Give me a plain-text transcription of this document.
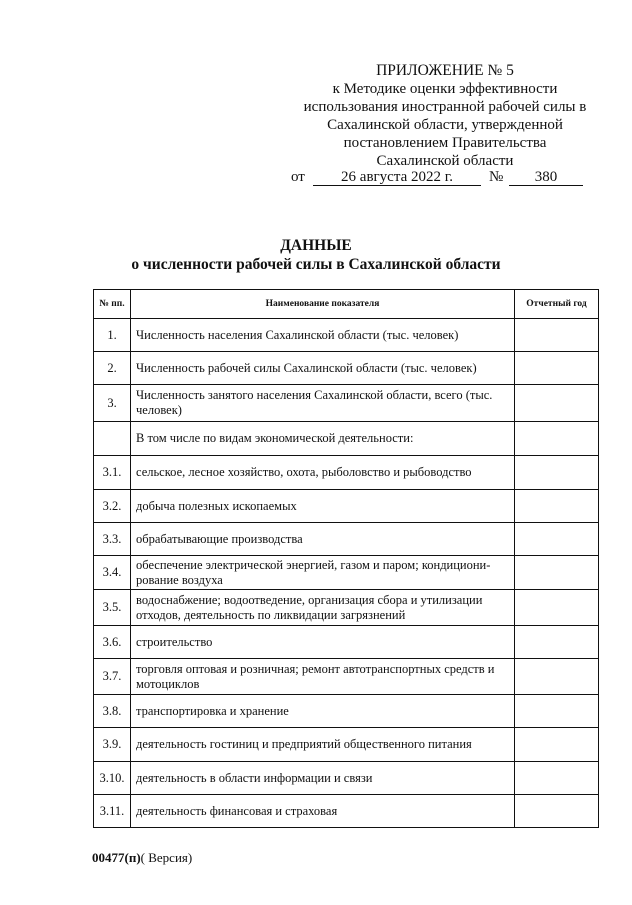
ПРИЛОЖЕНИЕ № 5
к Методике оценки эффективности
использования иностранной рабочей силы в
Сахалинской области, утвержденной
постановлением Правительства
Сахалинской области
от	26 августа 2022 г.	№	380
ДАННЫЕ
о численности рабочей силы в Сахалинской области
№ пп.	Наименование показателя	Отчетный год
1.	Численность населения Сахалинской области (тыс. человек)	
2.	Численность рабочей силы Сахалинской области (тыс. человек)	
3.	Численность занятого населения Сахалинской области, всего (тыс. человек)	
	В том числе по видам экономической деятельности:	
3.1.	сельское, лесное хозяйство, охота, рыболовство и рыбоводство	
3.2.	добыча полезных ископаемых	
3.3.	обрабатывающие производства	
3.4.	обеспечение электрической энергией, газом и паром; кондициони-рование воздуха	
3.5.	водоснабжение; водоотведение, организация сбора и утилизации отходов, деятельность по ликвидации загрязнений	
3.6.	строительство	
3.7.	торговля оптовая и розничная; ремонт автотранспортных средств и мотоциклов	
3.8.	транспортировка и хранение	
3.9.	деятельность гостиниц и предприятий общественного питания	
3.10.	деятельность в области информации и связи	
3.11.	деятельность финансовая и страховая	
00477(п)( Версия)
